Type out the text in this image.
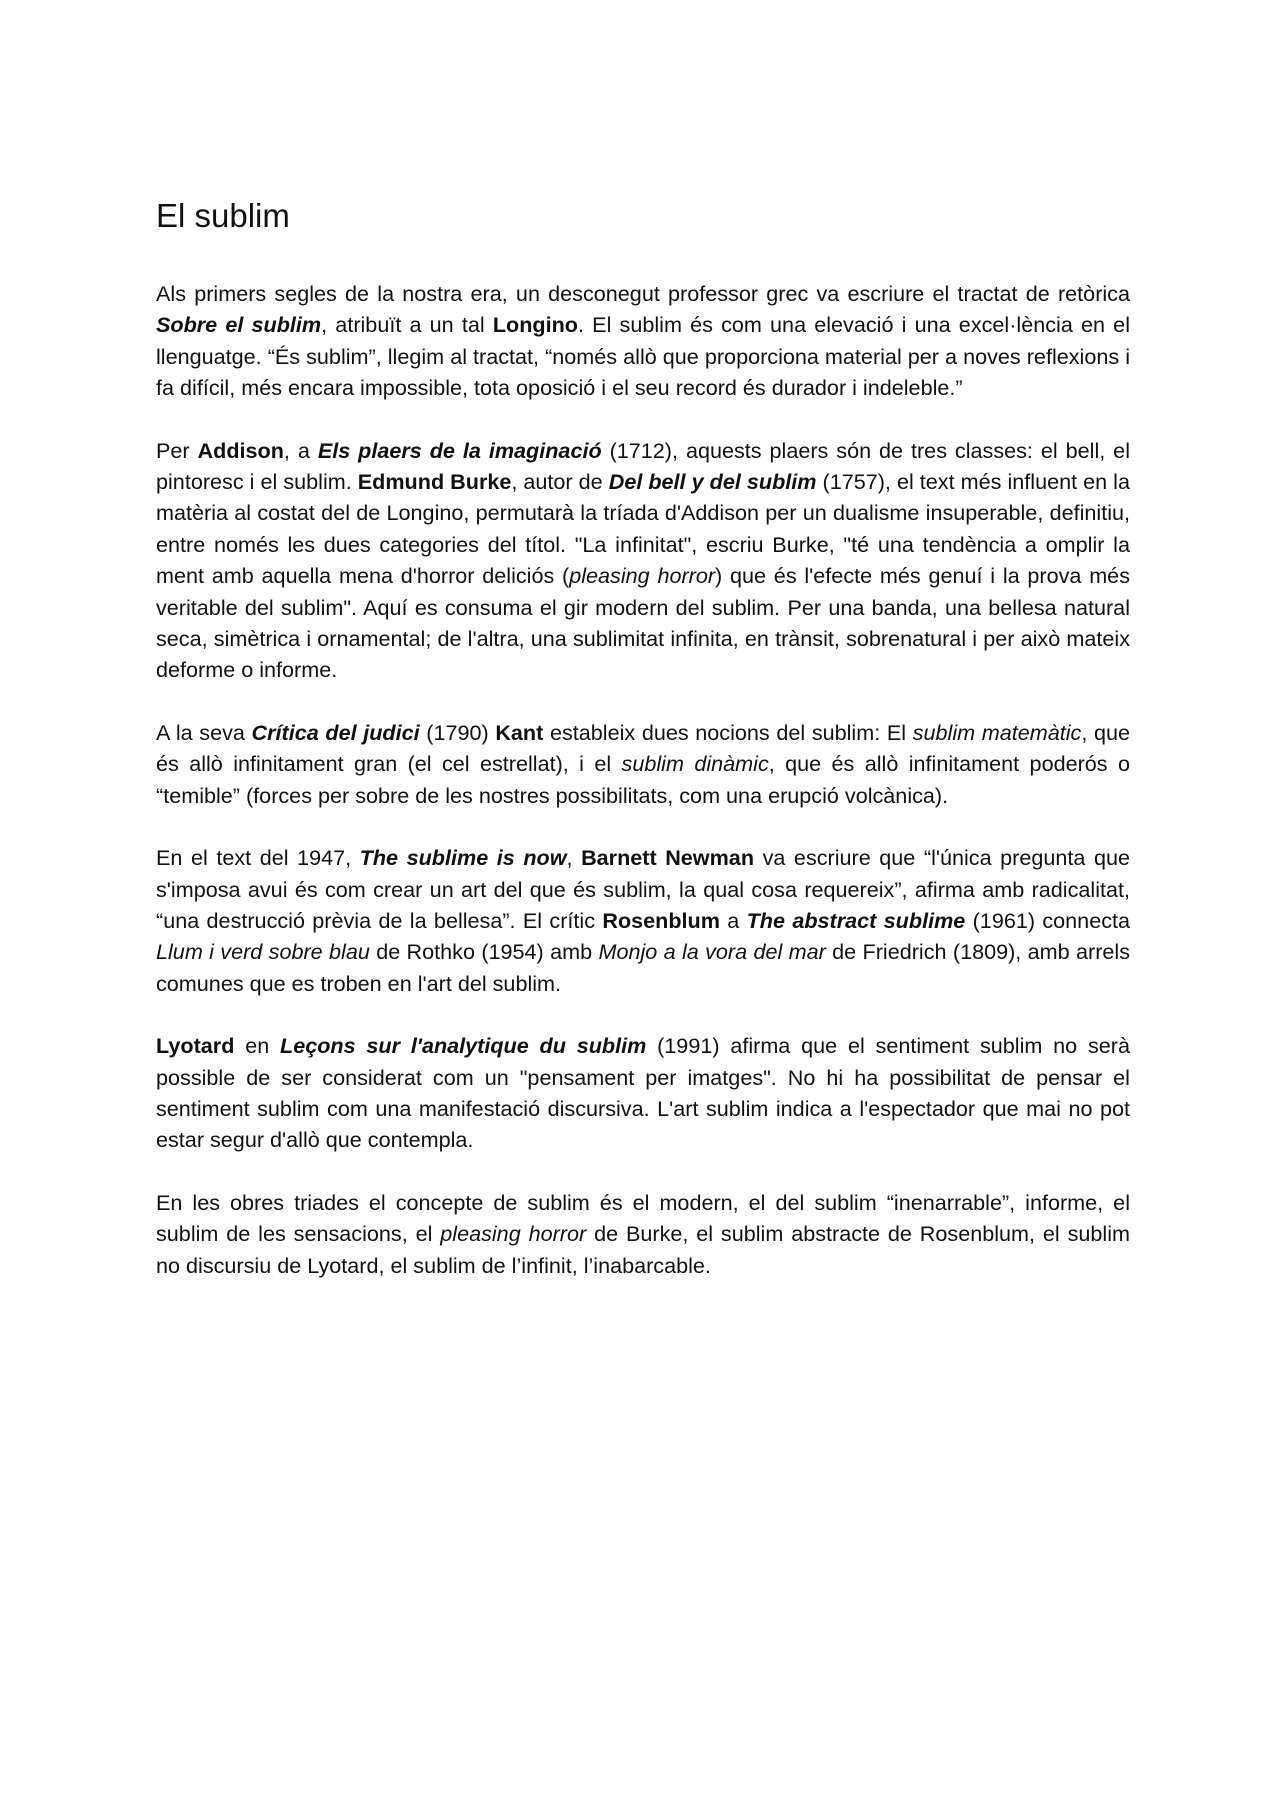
El sublim

Als primers segles de la nostra era, un desconegut professor grec va escriure el tractat de retòrica Sobre el sublim, atribuït a un tal Longino. El sublim és com una elevació i una excel·lència en el llenguatge. “És sublim”, llegim al tractat, “només allò que proporciona material per a noves reflexions i fa difícil, més encara impossible, tota oposició i el seu record és durador i indeleble.”

Per Addison, a Els plaers de la imaginació (1712), aquests plaers són de tres classes: el bell, el pintoresc i el sublim. Edmund Burke, autor de Del bell y del sublim (1757), el text més influent en la matèria al costat del de Longino, permutarà la tríada d'Addison per un dualisme insuperable, definitiu, entre només les dues categories del títol. "La infinitat", escriu Burke, "té una tendència a omplir la ment amb aquella mena d'horror deliciós (pleasing horror) que és l'efecte més genuí i la prova més veritable del sublim". Aquí es consuma el gir modern del sublim. Per una banda, una bellesa natural seca, simètrica i ornamental; de l'altra, una sublimitat infinita, en trànsit, sobrenatural i per això mateix deforme o informe.

A la seva Crítica del judici (1790) Kant estableix dues nocions del sublim: El sublim matemàtic, que és allò infinitament gran (el cel estrellat), i el sublim dinàmic, que és allò infinitament poderós o “temible” (forces per sobre de les nostres possibilitats, com una erupció volcànica).

En el text del 1947, The sublime is now, Barnett Newman va escriure que “l'única pregunta que s'imposa avui és com crear un art del que és sublim, la qual cosa requereix”, afirma amb radicalitat, “una destrucció prèvia de la bellesa”. El crític Rosenblum a The abstract sublime (1961) connecta Llum i verd sobre blau de Rothko (1954) amb Monjo a la vora del mar de Friedrich (1809), amb arrels comunes que es troben en l'art del sublim.

Lyotard en Leçons sur l'analytique du sublim (1991) afirma que el sentiment sublim no serà possible de ser considerat com un "pensament per imatges". No hi ha possibilitat de pensar el sentiment sublim com una manifestació discursiva. L'art sublim indica a l'espectador que mai no pot estar segur d'allò que contempla.

En les obres triades el concepte de sublim és el modern, el del sublim “inenarrable”, informe, el sublim de les sensacions, el pleasing horror de Burke, el sublim abstracte de Rosenblum, el sublim no discursiu de Lyotard, el sublim de l’infinit, l’inabarcable.
